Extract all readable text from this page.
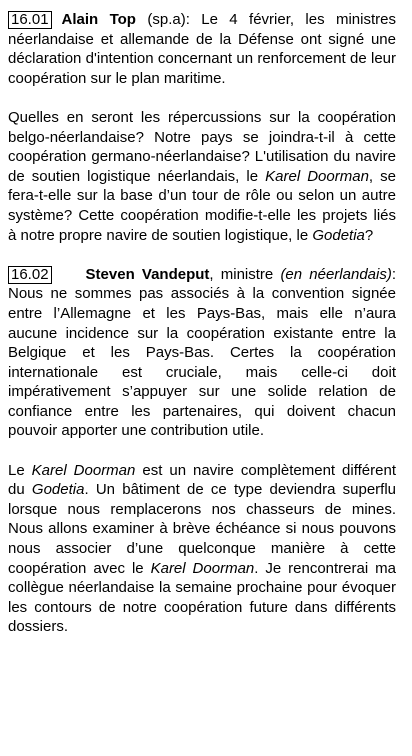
16.01 Alain Top (sp.a): Le 4 février, les ministres néerlandaise et allemande de la Défense ont signé une déclaration d'intention concernant un renforcement de leur coopération sur le plan maritime.

Quelles en seront les répercussions sur la coopération belgo-néerlandaise? Notre pays se joindra-t-il à cette coopération germano-néerlandaise? L'utilisation du navire de soutien logistique néerlandais, le Karel Doorman, se fera-t-elle sur la base d’un tour de rôle ou selon un autre système? Cette coopération modifie-t-elle les projets liés à notre propre navire de soutien logistique, le Godetia?

16.02 Steven Vandeput, ministre (en néerlandais): Nous ne sommes pas associés à la convention signée entre l’Allemagne et les Pays-Bas, mais elle n’aura aucune incidence sur la coopération existante entre la Belgique et les Pays-Bas. Certes la coopération internationale est cruciale, mais celle-ci doit impérativement s’appuyer sur une solide relation de confiance entre les partenaires, qui doivent chacun pouvoir apporter une contribution utile.

Le Karel Doorman est un navire complètement différent du Godetia. Un bâtiment de ce type deviendra superflu lorsque nous remplacerons nos chasseurs de mines. Nous allons examiner à brève échéance si nous pouvons nous associer d’une quelconque manière à cette coopération avec le Karel Doorman. Je rencontrerai ma collègue néerlandaise la semaine prochaine pour évoquer les contours de notre coopération future dans différents dossiers.
